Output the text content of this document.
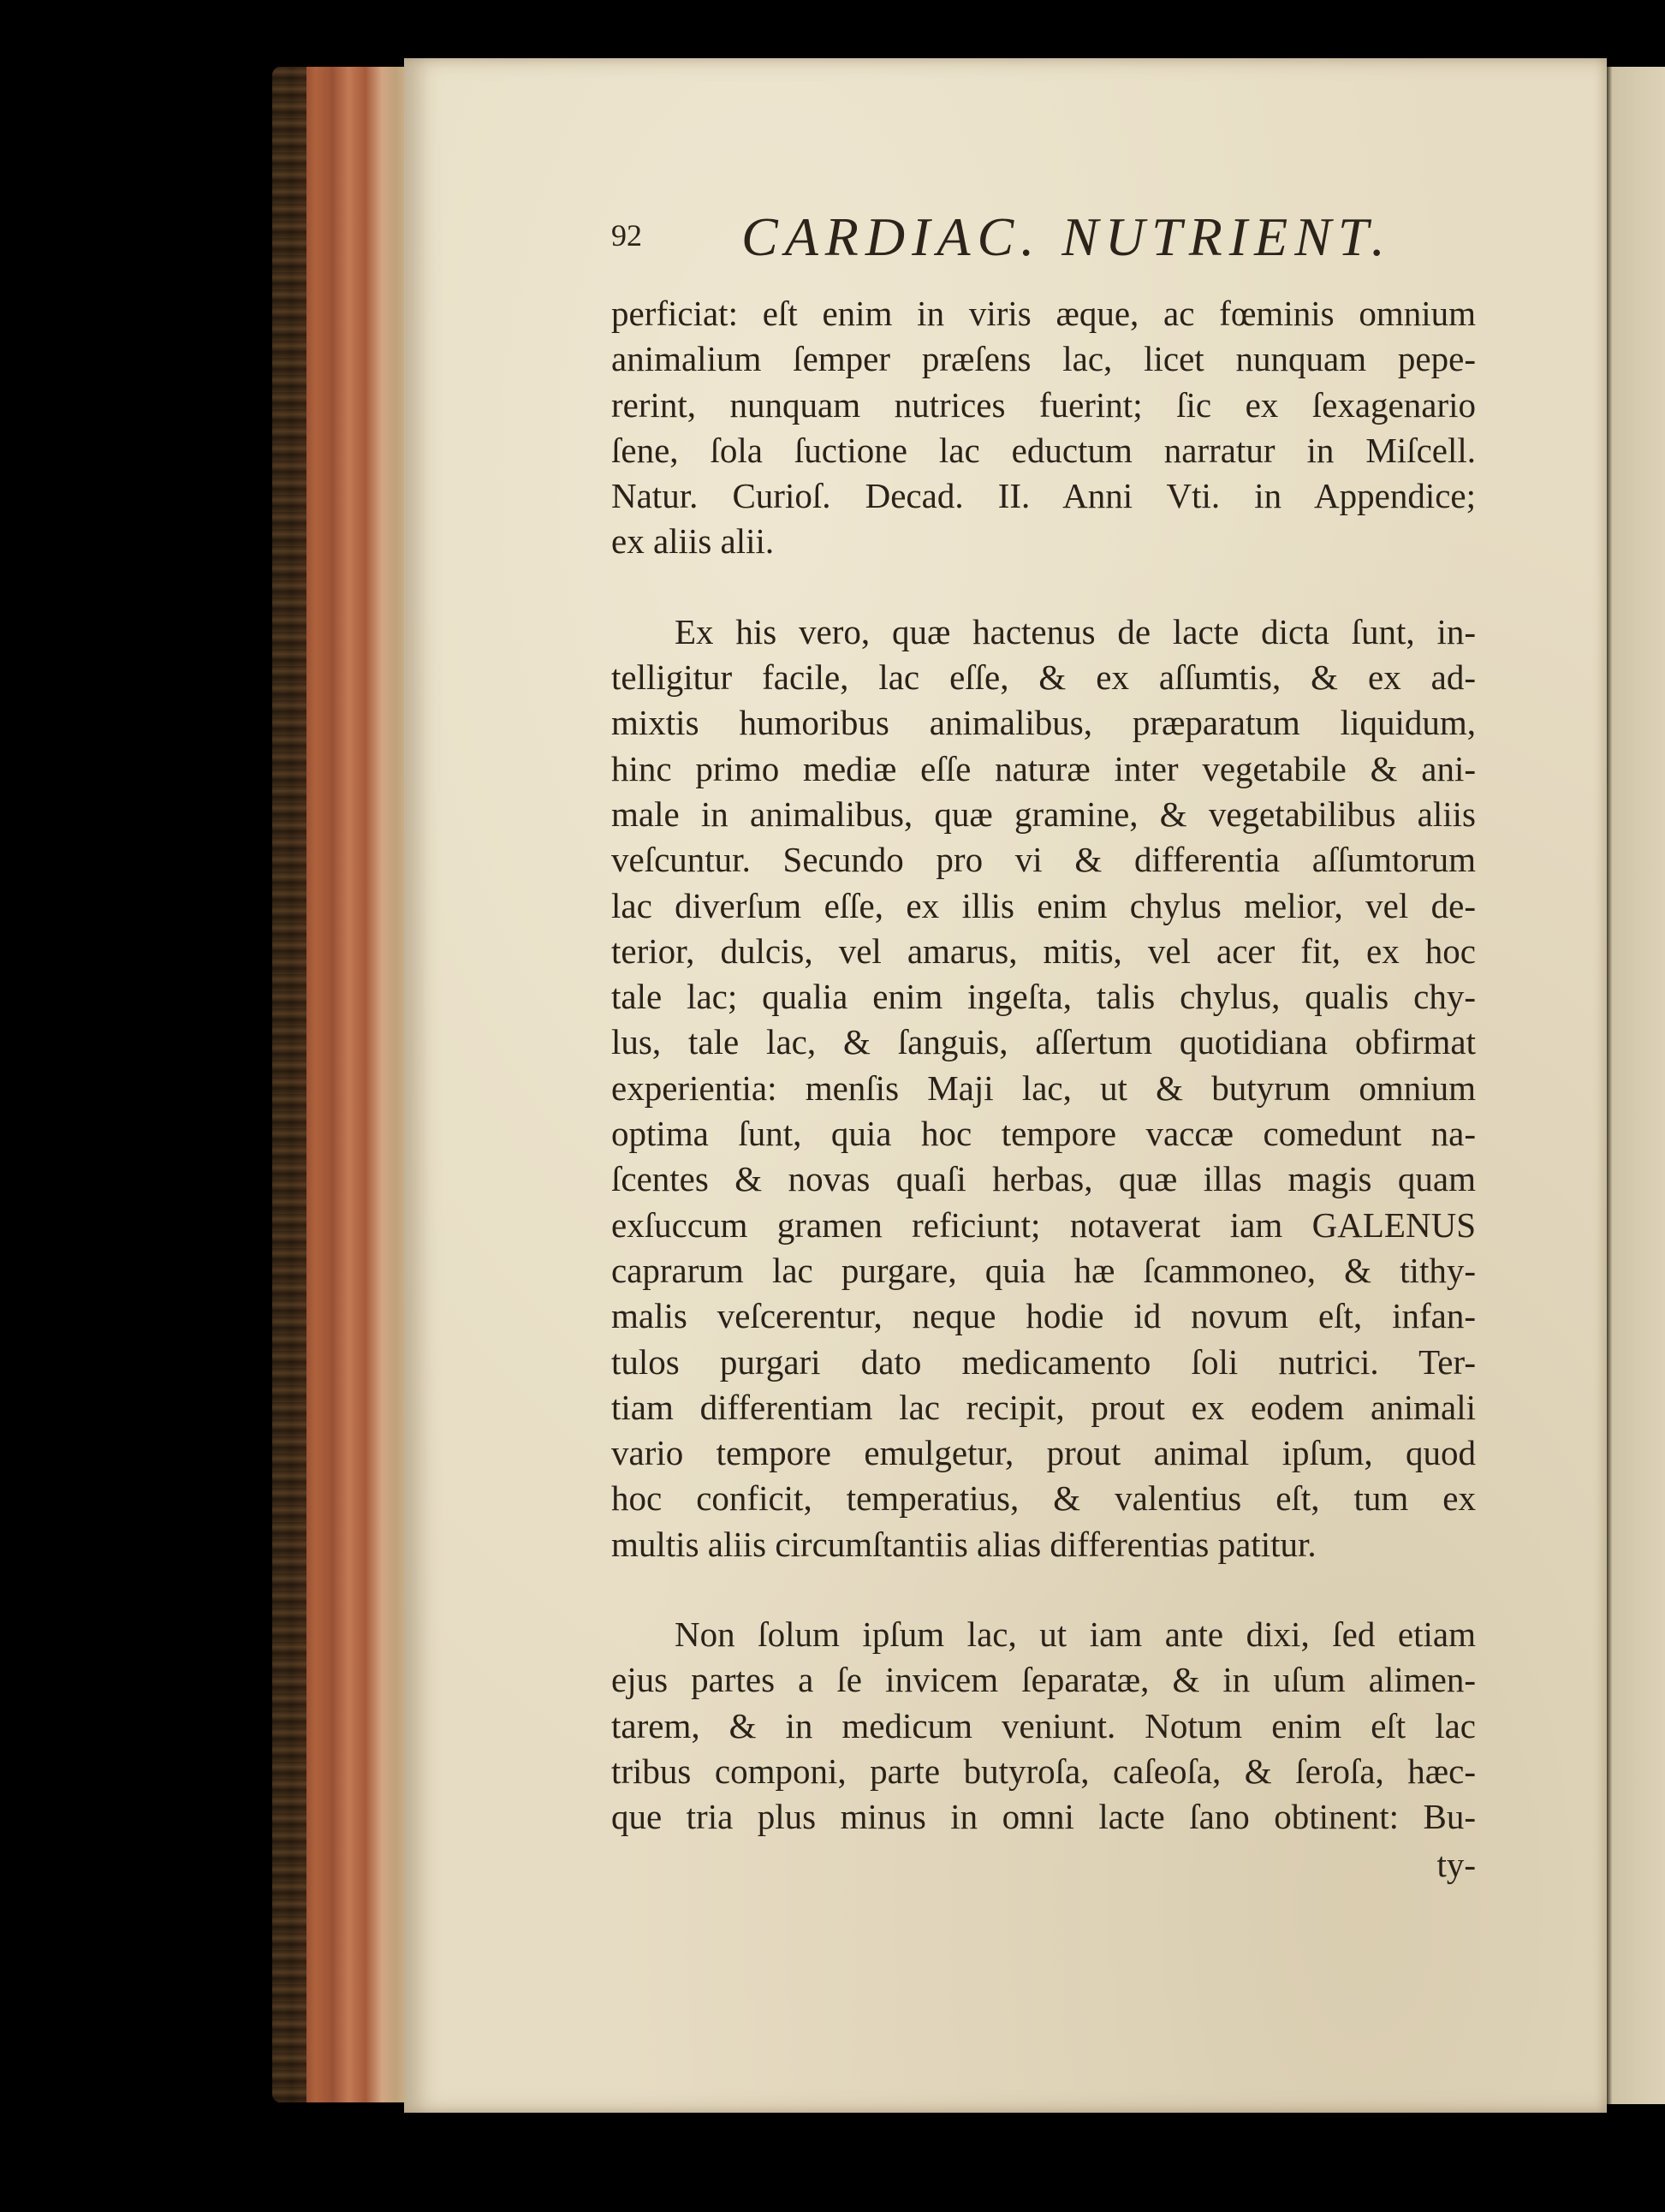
92 CARDIAC. NUTRIENT.
perficiat: eſt enim in viris æque, ac fœminis omnium
animalium ſemper præſens lac, licet nunquam pepe-
rerint, nunquam nutrices fuerint; ſic ex ſexagenario
ſene, ſola ſuctione lac eductum narratur in Miſcell.
Natur. Curioſ. Decad. II. Anni Vti. in Appendice;
ex aliis alii.
Ex his vero, quæ hactenus de lacte dicta ſunt, in-
telligitur facile, lac eſſe, & ex aſſumtis, & ex ad-
mixtis humoribus animalibus, præparatum liquidum,
hinc primo mediæ eſſe naturæ inter vegetabile & ani-
male in animalibus, quæ gramine, & vegetabilibus aliis
veſcuntur. Secundo pro vi & differentia aſſumtorum
lac diverſum eſſe, ex illis enim chylus melior, vel de-
terior, dulcis, vel amarus, mitis, vel acer fit, ex hoc
tale lac; qualia enim ingeſta, talis chylus, qualis chy-
lus, tale lac, & ſanguis, aſſertum quotidiana obfirmat
experientia: menſis Maji lac, ut & butyrum omnium
optima ſunt, quia hoc tempore vaccæ comedunt na-
ſcentes & novas quaſi herbas, quæ illas magis quam
exſuccum gramen reficiunt; notaverat iam GALENUS
caprarum lac purgare, quia hæ ſcammoneo, & tithy-
malis veſcerentur, neque hodie id novum eſt, infan-
tulos purgari dato medicamento ſoli nutrici. Ter-
tiam differentiam lac recipit, prout ex eodem animali
vario tempore emulgetur, prout animal ipſum, quod
hoc conficit, temperatius, & valentius eſt, tum ex
multis aliis circumſtantiis alias differentias patitur.
Non ſolum ipſum lac, ut iam ante dixi, ſed etiam
ejus partes a ſe invicem ſeparatæ, & in uſum alimen-
tarem, & in medicum veniunt. Notum enim eſt lac
tribus componi, parte butyroſa, caſeoſa, & ſeroſa, hæc-
que tria plus minus in omni lacte ſano obtinent: Bu-
ty-
